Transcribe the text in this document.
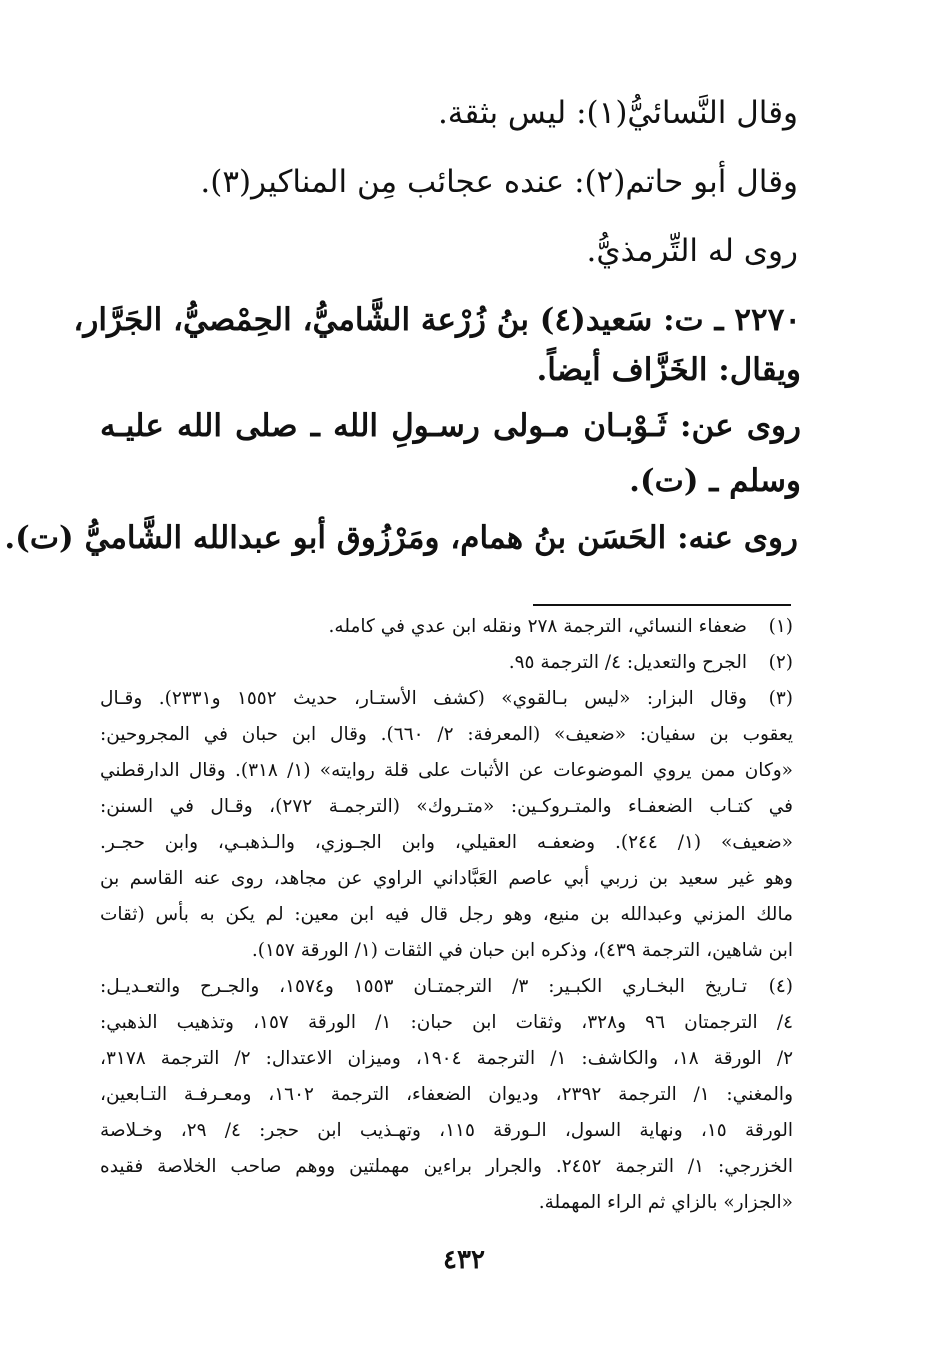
وقال النَّسائيُّ(١): ليس بثقة.
وقال أبو حاتم(٢): عنده عجائب مِن المناكير(٣).
روى له التِّرمذيُّ.
٢٢٧٠ ـ ت: سَعيد(٤) بنُ زُرْعة الشَّاميُّ، الحِمْصيُّ، الجَرَّار،
ويقال: الخَزَّاف أيضاً.
روى عن: ثَـوْبـان مـولى رسـولِ الله ـ صلى الله عليـه
وسلم ـ (ت).
روى عنه: الحَسَن بنُ همام، ومَرْزُوق أبو عبدالله الشَّاميُّ (ت).
(١)
ضعفاء النسائي، الترجمة ٢٧٨ ونقله ابن عدي في كامله.
(٢)
الجرح والتعديل: ٤/ الترجمة ٩٥.
(٣)
وقال البزار: «ليس بـالقوي» (كشف الأستـار، حديث ١٥٥٢ و٢٣٣١). وقـال
يعقوب بن سفيان: «ضعيف» (المعرفة: ٢/ ٦٦٠). وقال ابن حبان في المجروحين:
«وكان ممن يروي الموضوعات عن الأثبات على قلة روايته» (١/ ٣١٨). وقال الدارقطني
في كتـاب الضعفـاء والمتـروكـين: «متـروك» (الترجمـة ٢٧٢)، وقـال في السنن:
«ضعيف» (١/ ٢٤٤). وضعفـه العقيلي، وابن الجـوزي، والـذهبـي، وابن حجـر.
وهو غير سعيد بن زربي أبي عاصم العَبَّاداني الراوي عن مجاهد، روى عنه القاسم بن
مالك المزني وعبدالله بن منيع، وهو رجل قال فيه ابن معين: لم يكن به بأس (ثقات
ابن شاهين، الترجمة ٤٣٩)، وذكره ابن حبان في الثقات (١/ الورقة ١٥٧).
(٤)
تـاريخ البخـاري الكبـير: ٣/ الترجمتـان ١٥٥٣ و١٥٧٤، والجـرح والتعـديـل:
٤/ الترجمتان ٩٦ و٣٢٨، وثقات ابن حبان: ١/ الورقة ١٥٧، وتذهيب الذهبي:
٢/ الورقة ١٨، والكاشف: ١/ الترجمة ١٩٠٤، وميزان الاعتدال: ٢/ الترجمة ٣١٧٨،
والمغني: ١/ الترجمة ٢٣٩٢، وديوان الضعفاء، الترجمة ١٦٠٢، ومعـرفـة التـابعين،
الورقة ١٥، ونهاية السول، الـورقة ١١٥، وتهـذيب ابن حجر: ٤/ ٢٩، وخـلاصة
الخزرجي: ١/ الترجمة ٢٤٥٢. والجرار براءين مهملتين ووهم صاحب الخلاصة فقيده
«الجزار» بالزاي ثم الراء المهملة.
٤٣٢
